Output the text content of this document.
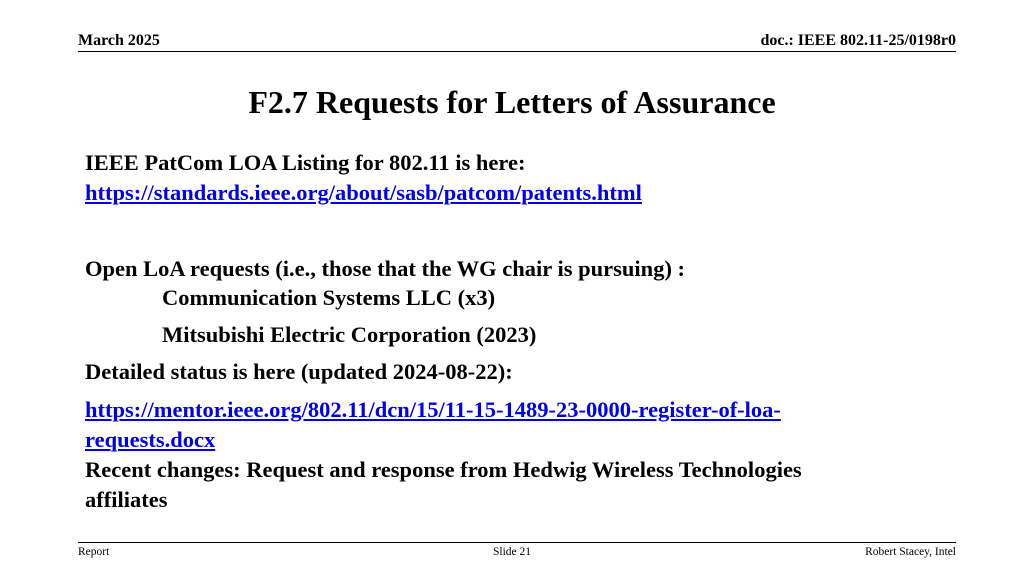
March 2025	doc.: IEEE 802.11-25/0198r0
F2.7 Requests for Letters of Assurance
IEEE PatCom LOA Listing for 802.11 is here:
https://standards.ieee.org/about/sasb/patcom/patents.html
Open LoA requests (i.e., those that the WG chair is pursuing) :
Communication Systems LLC (x3)
Mitsubishi Electric Corporation (2023)
Detailed status is here (updated 2024-08-22):
https://mentor.ieee.org/802.11/dcn/15/11-15-1489-23-0000-register-of-loa-
requests.docx
Recent changes: Request and response from Hedwig Wireless Technologies
affiliates
Report	Slide 21	Robert Stacey, Intel
